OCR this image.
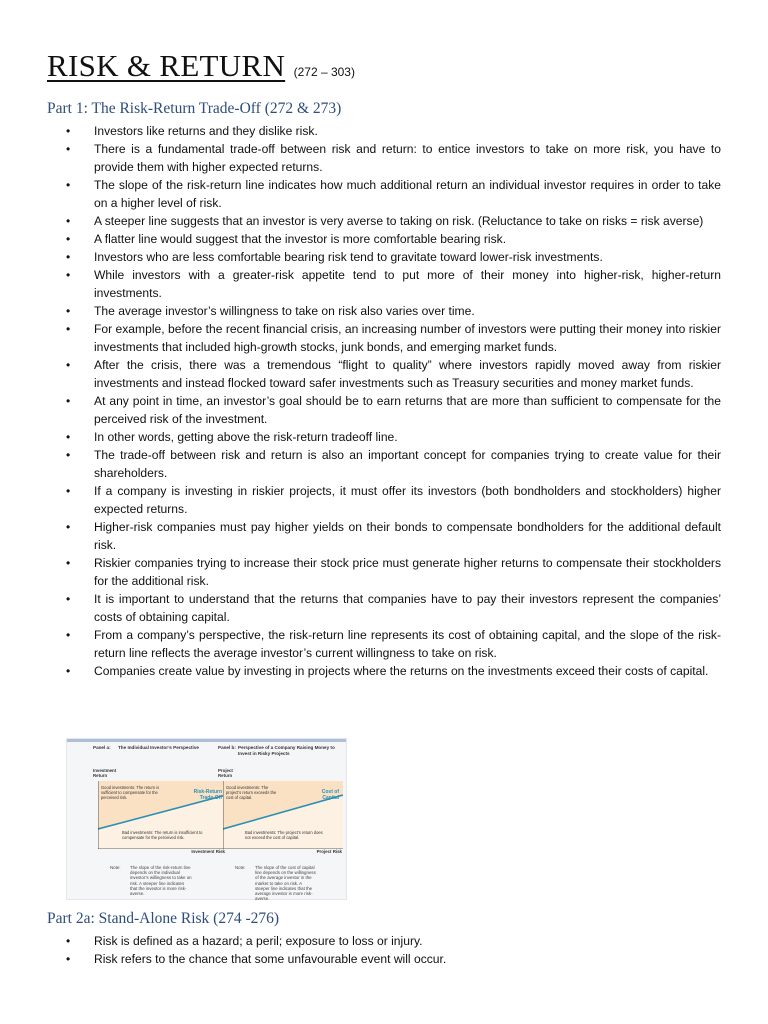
RISK & RETURN (272 – 303)
Part 1: The Risk-Return Trade-Off (272 & 273)
• Investors like returns and they dislike risk.
• There is a fundamental trade-off between risk and return: to entice investors to take on more risk, you have to provide them with higher expected returns.
• The slope of the risk-return line indicates how much additional return an individual investor requires in order to take on a higher level of risk.
• A steeper line suggests that an investor is very averse to taking on risk. (Reluctance to take on risks = risk averse)
• A flatter line would suggest that the investor is more comfortable bearing risk.
• Investors who are less comfortable bearing risk tend to gravitate toward lower-risk investments.
• While investors with a greater-risk appetite tend to put more of their money into higher-risk, higher-return investments.
• The average investor’s willingness to take on risk also varies over time.
• For example, before the recent financial crisis, an increasing number of investors were putting their money into riskier investments that included high-growth stocks, junk bonds, and emerging market funds.
• After the crisis, there was a tremendous “flight to quality” where investors rapidly moved away from riskier investments and instead flocked toward safer investments such as Treasury securities and money market funds.
• At any point in time, an investor’s goal should be to earn returns that are more than sufficient to compensate for the perceived risk of the investment.
• In other words, getting above the risk-return tradeoff line.
• The trade-off between risk and return is also an important concept for companies trying to create value for their shareholders.
• If a company is investing in riskier projects, it must offer its investors (both bondholders and stockholders) higher expected returns.
• Higher-risk companies must pay higher yields on their bonds to compensate bondholders for the additional default risk.
• Riskier companies trying to increase their stock price must generate higher returns to compensate their stockholders for the additional risk.
• It is important to understand that the returns that companies have to pay their investors represent the companies’ costs of obtaining capital.
• From a company’s perspective, the risk-return line represents its cost of obtaining capital, and the slope of the risk-return line reflects the average investor’s current willingness to take on risk.
• Companies create value by investing in projects where the returns on the investments exceed their costs of capital.
Panel a: The Individual Investor’s Perspective
Investment Return
Good investments: The return is sufficient to compensate for the perceived risk.
Risk-Return Trade-Off
Bad investments: The return is insufficient to compensate for the perceived risk.
Investment Risk
Note: The slope of the risk-return line depends on the individual investor’s willingness to take on risk. A steeper line indicates that the investor is more risk-averse.
Panel b: Perspective of a Company Raising Money to Invest in Risky Projects
Project Return
Good investments: The project’s return exceeds the cost of capital.
Cost of Capital
Bad investments: The project’s return does not exceed the cost of capital.
Project Risk
Note: The slope of the cost of capital line depends on the willingness of the average investor in the market to take on risk. A steeper line indicates that the average investor is more risk-averse.
Part 2a: Stand-Alone Risk (274 -276)
• Risk is defined as a hazard; a peril; exposure to loss or injury.
• Risk refers to the chance that some unfavourable event will occur.
